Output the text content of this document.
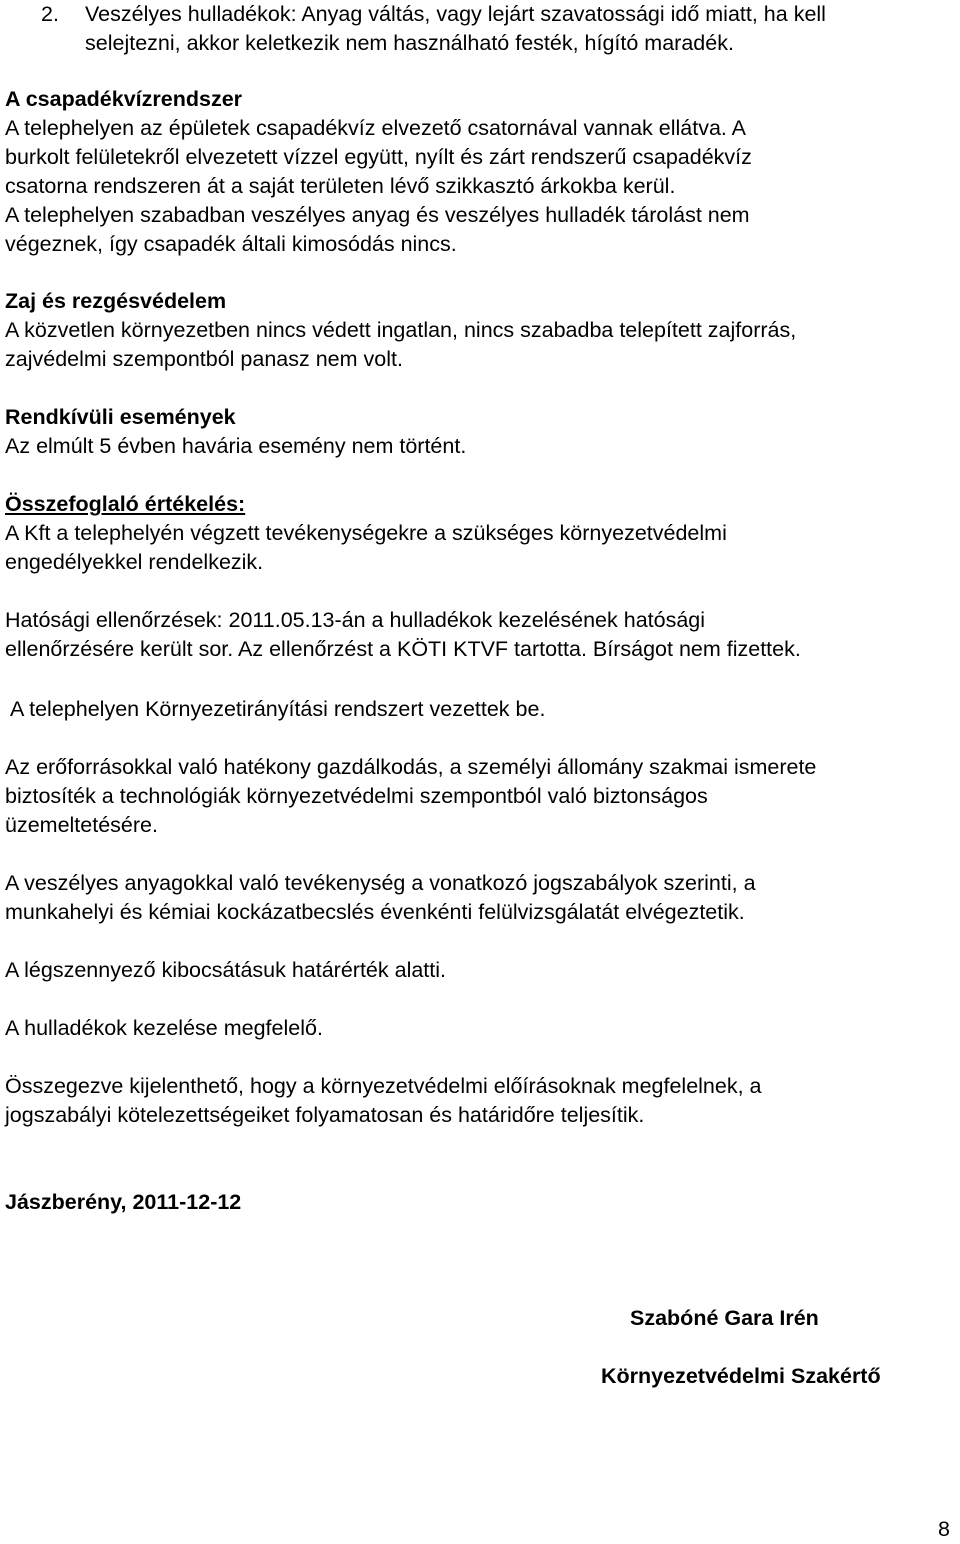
2. Veszélyes hulladékok: Anyag váltás, vagy lejárt szavatossági idő miatt, ha kell
selejtezni, akkor keletkezik nem használható festék, hígító maradék.
A csapadékvízrendszer
A telephelyen az épületek csapadékvíz elvezető csatornával vannak ellátva. A
burkolt felületekről elvezetett vízzel együtt, nyílt és zárt rendszerű csapadékvíz
csatorna rendszeren át a saját területen lévő szikkasztó árkokba kerül.
A telephelyen szabadban veszélyes anyag és veszélyes hulladék tárolást nem
végeznek, így csapadék általi kimosódás nincs.
Zaj és rezgésvédelem
A közvetlen környezetben nincs védett ingatlan, nincs szabadba telepített zajforrás,
zajvédelmi szempontból panasz nem volt.
Rendkívüli események
Az elmúlt 5 évben havária esemény nem történt.
Összefoglaló értékelés:
A Kft a telephelyén végzett tevékenységekre a szükséges környezetvédelmi
engedélyekkel rendelkezik.
Hatósági ellenőrzések: 2011.05.13-án a hulladékok kezelésének hatósági
ellenőrzésére került sor. Az ellenőrzést a KÖTI KTVF tartotta. Bírságot nem fizettek.
A telephelyen Környezetirányítási rendszert vezettek be.
Az erőforrásokkal való hatékony gazdálkodás, a személyi állomány szakmai ismerete
biztosíték a technológiák környezetvédelmi szempontból való biztonságos
üzemeltetésére.
A veszélyes anyagokkal való tevékenység a vonatkozó jogszabályok szerinti, a
munkahelyi és kémiai kockázatbecslés évenkénti felülvizsgálatát elvégeztetik.
A légszennyező kibocsátásuk határérték alatti.
A hulladékok kezelése megfelelő.
Összegezve kijelenthető, hogy a környezetvédelmi előírásoknak megfelelnek, a
jogszabályi kötelezettségeiket folyamatosan és határidőre teljesítik.
Jászberény, 2011-12-12
Szabóné Gara Irén
Környezetvédelmi Szakértő
8
